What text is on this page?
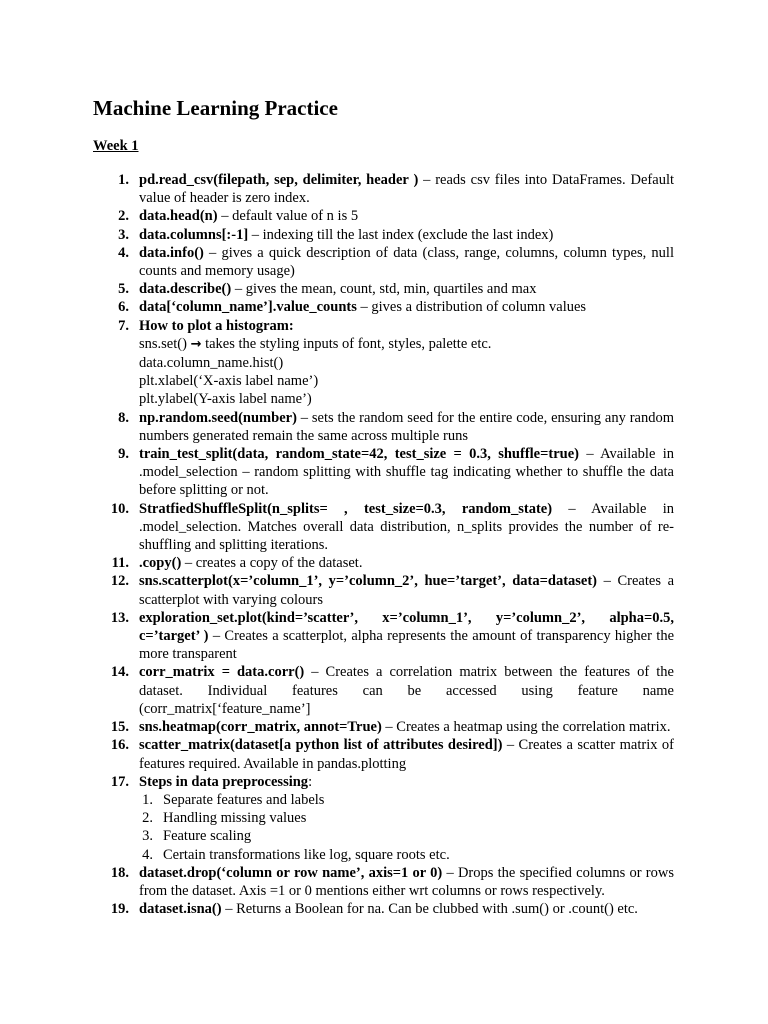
Machine Learning Practice
Week 1
1. pd.read_csv(filepath, sep, delimiter, header ) – reads csv files into DataFrames. Default value of header is zero index.
2. data.head(n) – default value of n is 5
3. data.columns[:-1] – indexing till the last index (exclude the last index)
4. data.info() – gives a quick description of data (class, range, columns, column types, null counts and memory usage)
5. data.describe() – gives the mean, count, std, min, quartiles and max
6. data[‘column_name’].value_counts – gives a distribution of column values
7. How to plot a histogram:
sns.set() → takes the styling inputs of font, styles, palette etc.
data.column_name.hist()
plt.xlabel(‘X-axis label name’)
plt.ylabel(Y-axis label name’)
8. np.random.seed(number) – sets the random seed for the entire code, ensuring any random numbers generated remain the same across multiple runs
9. train_test_split(data, random_state=42, test_size = 0.3, shuffle=true) – Available in .model_selection – random splitting with shuffle tag indicating whether to shuffle the data before splitting or not.
10. StratfiedShuffleSplit(n_splits= , test_size=0.3, random_state) – Available in .model_selection. Matches overall data distribution, n_splits provides the number of re-shuffling and splitting iterations.
11. .copy() – creates a copy of the dataset.
12. sns.scatterplot(x=’column_1’, y=’column_2’, hue=’target’, data=dataset) – Creates a scatterplot with varying colours
13. exploration_set.plot(kind=’scatter’, x=’column_1’, y=’column_2’, alpha=0.5, c=’target’ ) – Creates a scatterplot, alpha represents the amount of transparency higher the more transparent
14. corr_matrix = data.corr() – Creates a correlation matrix between the features of the dataset. Individual features can be accessed using feature name (corr_matrix[‘feature_name’]
15. sns.heatmap(corr_matrix, annot=True) – Creates a heatmap using the correlation matrix.
16. scatter_matrix(dataset[a python list of attributes desired]) – Creates a scatter matrix of features required. Available in pandas.plotting
17. Steps in data preprocessing:
1. Separate features and labels
2. Handling missing values
3. Feature scaling
4. Certain transformations like log, square roots etc.
18. dataset.drop(‘column or row name’, axis=1 or 0) – Drops the specified columns or rows from the dataset. Axis =1 or 0 mentions either wrt columns or rows respectively.
19. dataset.isna() – Returns a Boolean for na. Can be clubbed with .sum() or .count() etc.
